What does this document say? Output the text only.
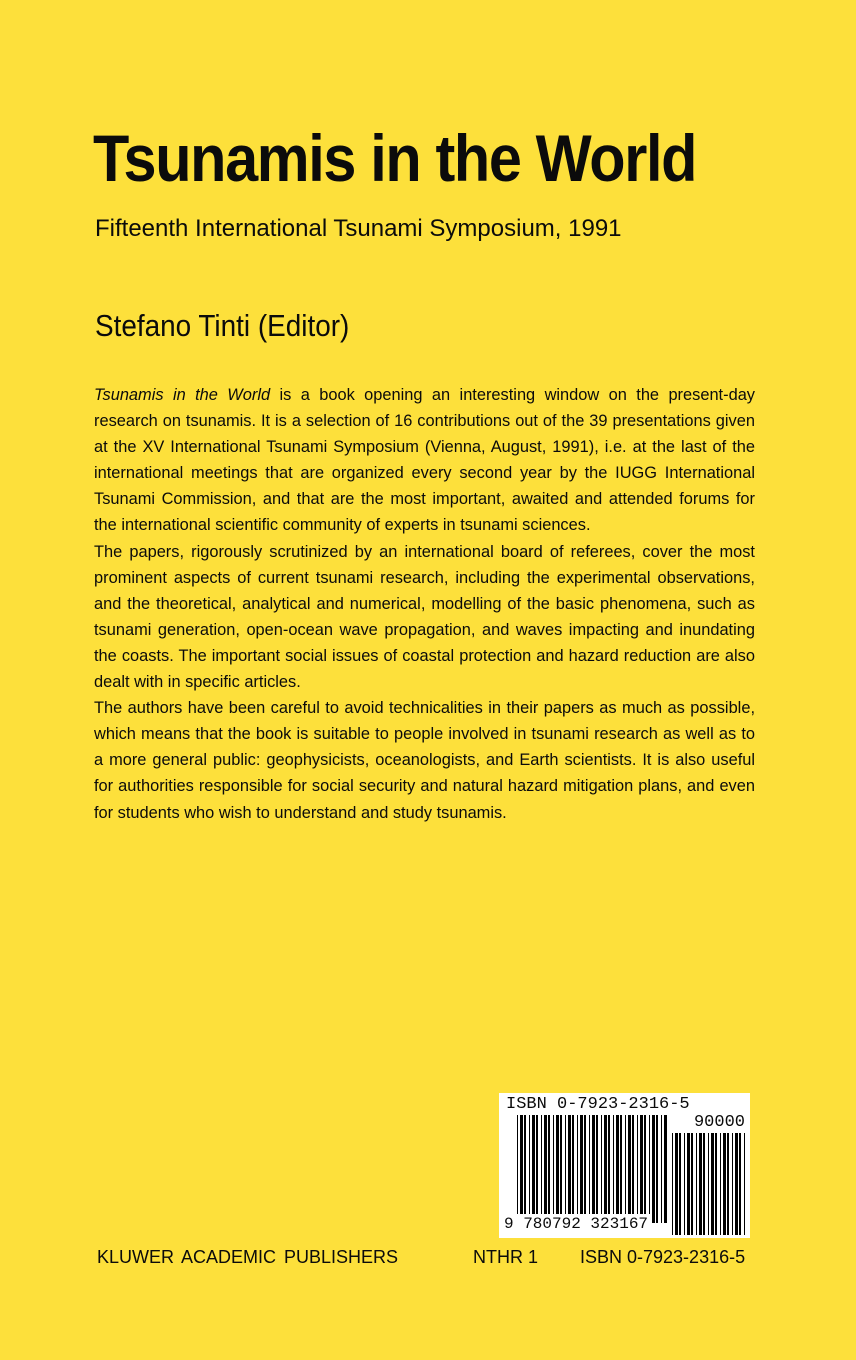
Tsunamis in the World
Fifteenth International Tsunami Symposium, 1991
Stefano Tinti (Editor)

Tsunamis in the World is a book opening an interesting window on the present-day research on tsunamis. It is a selection of 16 contributions out of the 39 presentations given at the XV International Tsunami Symposium (Vienna, August, 1991), i.e. at the last of the international meetings that are organized every second year by the IUGG International Tsunami Commission, and that are the most important, awaited and attended forums for the international scientific community of experts in tsunami sciences.

The papers, rigorously scrutinized by an international board of referees, cover the most prominent aspects of current tsunami research, including the experimental observations, and the theoretical, analytical and numerical, modelling of the basic phenomena, such as tsunami generation, open-ocean wave propagation, and waves impacting and inundating the coasts. The important social issues of coastal protection and hazard reduction are also dealt with in specific articles.

The authors have been careful to avoid technicalities in their papers as much as possible, which means that the book is suitable to people involved in tsunami research as well as to a more general public: geophysicists, oceanologists, and Earth scientists. It is also useful for authorities responsible for social security and natural hazard mitigation plans, and even for students who wish to understand and study tsunamis.

ISBN 0-7923-2316-5
90000
9 780792 323167
KLUWER ACADEMIC PUBLISHERS	NTHR 1 ISBN 0-7923-2316-5
